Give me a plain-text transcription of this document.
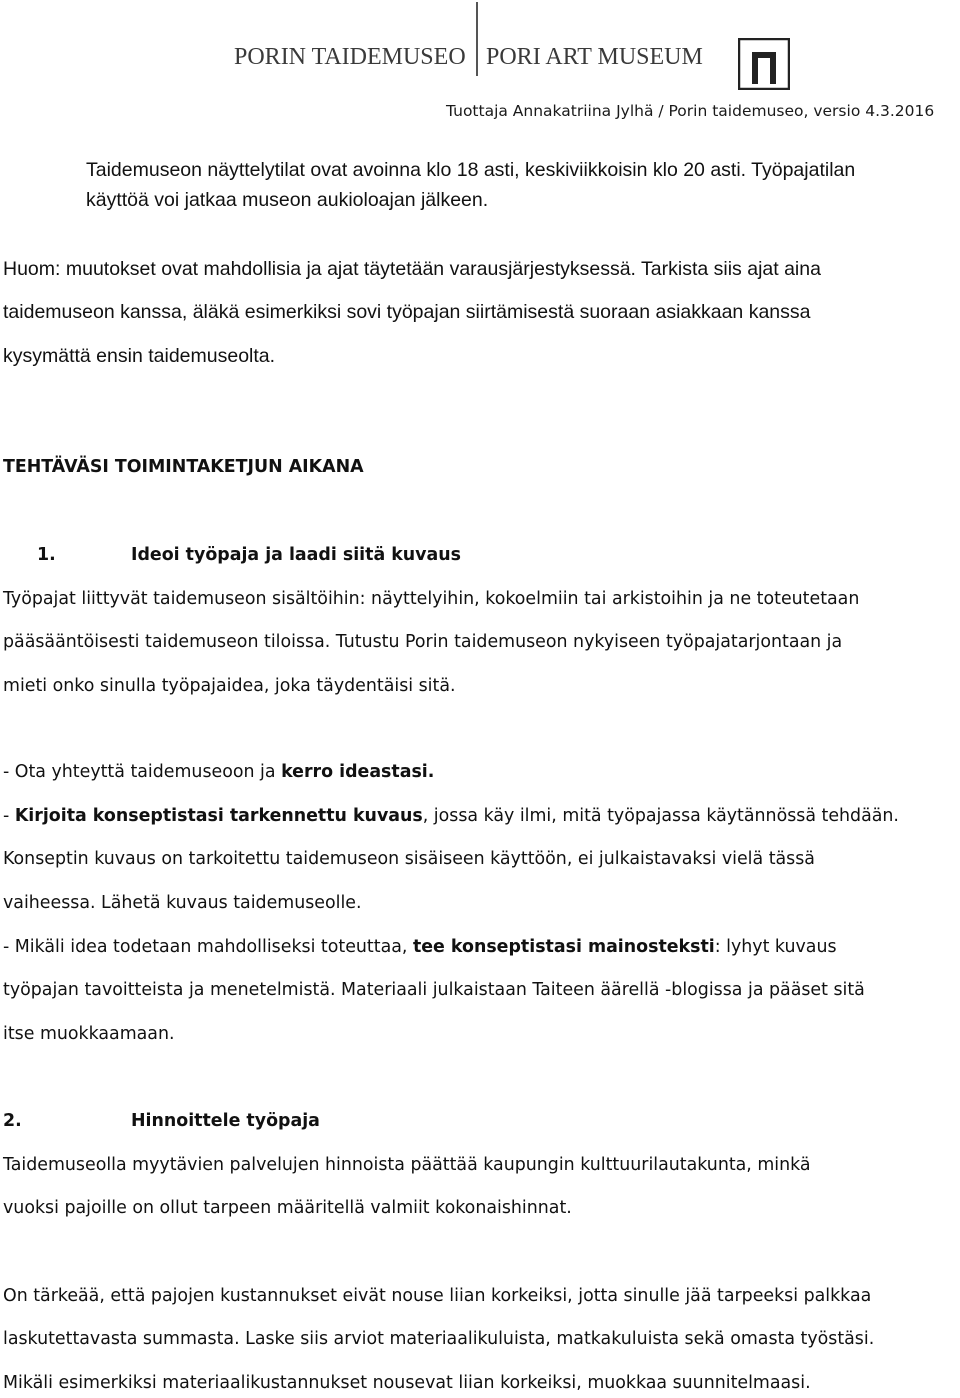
PORIN TAIDEMUSEO PORI ART MUSEUM
Tuottaja Annakatriina Jylhä / Porin taidemuseo, versio 4.3.2016
Taidemuseon näyttelytilat ovat avoinna klo 18 asti, keskiviikkoisin klo 20 asti. Työpajatilan
käyttöä voi jatkaa museon aukioloajan jälkeen.
Huom: muutokset ovat mahdollisia ja ajat täytetään varausjärjestyksessä. Tarkista siis ajat aina
taidemuseon kanssa, äläkä esimerkiksi sovi työpajan siirtämisestä suoraan asiakkaan kanssa
kysymättä ensin taidemuseolta.
TEHTÄVÄSI TOIMINTAKETJUN AIKANA
1.	Ideoi työpaja ja laadi siitä kuvaus
Työpajat liittyvät taidemuseon sisältöihin: näyttelyihin, kokoelmiin tai arkistoihin ja ne toteutetaan
pääsääntöisesti taidemuseon tiloissa. Tutustu Porin taidemuseon nykyiseen työpajatarjontaan ja
mieti onko sinulla työpajaidea, joka täydentäisi sitä.
- Ota yhteyttä taidemuseoon ja kerro ideastasi.
- Kirjoita konseptistasi tarkennettu kuvaus, jossa käy ilmi, mitä työpajassa käytännössä tehdään.
Konseptin kuvaus on tarkoitettu taidemuseon sisäiseen käyttöön, ei julkaistavaksi vielä tässä
vaiheessa. Lähetä kuvaus taidemuseolle.
- Mikäli idea todetaan mahdolliseksi toteuttaa, tee konseptistasi mainosteksti: lyhyt kuvaus
työpajan tavoitteista ja menetelmistä. Materiaali julkaistaan Taiteen äärellä -blogissa ja pääset sitä
itse muokkaamaan.
2.	Hinnoittele työpaja
Taidemuseolla myytävien palvelujen hinnoista päättää kaupungin kulttuurilautakunta, minkä
vuoksi pajoille on ollut tarpeen määritellä valmiit kokonaishinnat.
On tärkeää, että pajojen kustannukset eivät nouse liian korkeiksi, jotta sinulle jää tarpeeksi palkkaa
laskutettavasta summasta. Laske siis arviot materiaalikuluista, matkakuluista sekä omasta työstäsi.
Mikäli esimerkiksi materiaalikustannukset nousevat liian korkeiksi, muokkaa suunnitelmaasi.
